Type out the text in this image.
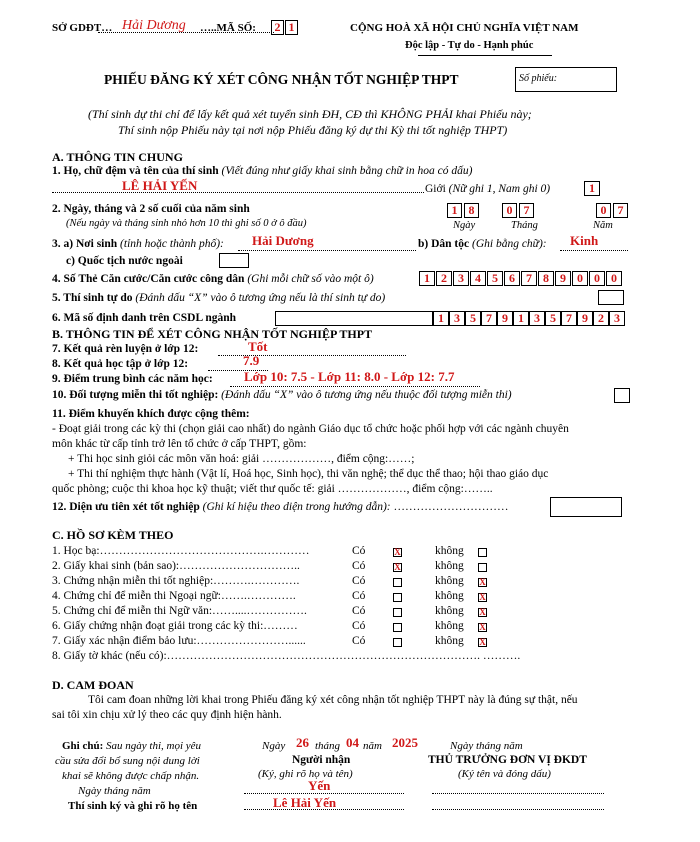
SỞ GDĐT… Hải Dương …..MÃ SỐ: 2 1	CỘNG HOÀ XÃ HỘI CHỦ NGHĨA VIỆT NAM
Độc lập - Tự do - Hạnh phúc
PHIẾU ĐĂNG KÝ XÉT CÔNG NHẬN TỐT NGHIỆP THPT	Số phiếu:
(Thí sinh dự thi chỉ để lấy kết quả xét tuyển sinh ĐH, CĐ thì KHÔNG PHẢI khai Phiếu này;
Thí sinh nộp Phiếu này tại nơi nộp Phiếu đăng ký dự thi Kỳ thi tốt nghiệp THPT)
A. THÔNG TIN CHUNG
1. Họ, chữ đệm và tên của thí sinh (Viết đúng như giấy khai sinh bằng chữ in hoa có dấu)
LÊ HẢI YẾN	Giới (Nữ ghi 1, Nam ghi 0)	1
2. Ngày, tháng và 2 số cuối của năm sinh
(Nếu ngày và tháng sinh nhỏ hơn 10 thì ghi số 0 ở ô đầu)
1 8	0 7	0 7
Ngày	Tháng	Năm
3. a) Nơi sinh (tỉnh hoặc thành phố): Hải Dương	b) Dân tộc (Ghi bằng chữ): Kinh
c) Quốc tịch nước ngoài
4. Số Thẻ Căn cước/Căn cước công dân (Ghi mỗi chữ số vào một ô)	1 2 3 4 5 6 7 8 9 0 0 0
5. Thí sinh tự do (Đánh dấu “X” vào ô tương ứng nếu là thí sinh tự do)
6. Mã số định danh trên CSDL ngành	1 3 5 7 9 1 3 5 7 9 2 3
B. THÔNG TIN ĐỂ XÉT CÔNG NHẬN TỐT NGHIỆP THPT
7. Kết quả rèn luyện ở lớp 12:	Tốt
8. Kết quả học tập ở lớp 12:	7.9
9. Điểm trung bình các năm học: Lớp 10: 7.5 - Lớp 11: 8.0 - Lớp 12: 7.7
10. Đối tượng miễn thi tốt nghiệp: (Đánh dấu “X” vào ô tương ứng nếu thuộc đối tượng miễn thi)
11. Điểm khuyến khích được cộng thêm:
- Đoạt giải trong các kỳ thi (chọn giải cao nhất) do ngành Giáo dục tổ chức hoặc phối hợp với các ngành chuyên
môn khác từ cấp tỉnh trở lên tổ chức ở cấp THPT, gồm:
+ Thi học sinh giỏi các môn văn hoá: giải ………………, điểm cộng:……;
+ Thi thí nghiệm thực hành (Vật lí, Hoá học, Sinh học), thi văn nghệ; thể dục thể thao; hội thao giáo dục
quốc phòng; cuộc thi khoa học kỹ thuật; viết thư quốc tế: giải ………………, điểm cộng:……..
12. Diện ưu tiên xét tốt nghiệp (Ghi kí hiệu theo diện trong hướng dẫn): …………………………
C. HỒ SƠ KÈM THEO
1. Học bạ:…………………………………….…………	Có	X	không
2. Giấy khai sinh (bản sao):…………………………..	Có	X	không
3. Chứng nhận miễn thi tốt nghiệp:……….………….	Có	không X
4. Chứng chỉ để miễn thi Ngoại ngữ:…….………….	Có	không X
5. Chứng chỉ để miễn thi Ngữ văn:……....…………….	Có	không X
6. Giấy chứng nhận đoạt giải trong các kỳ thi:………	Có	không X
7. Giấy xác nhận điểm bảo lưu:……………………......	Có	không X
8. Giấy tờ khác (nếu có):………………………………………………………………………. ……….
D. CAM ĐOAN
Tôi cam đoan những lời khai trong Phiếu đăng ký xét công nhận tốt nghiệp THPT này là đúng sự thật, nếu
sai tôi xin chịu xử lý theo các quy định hiện hành.
Ghi chú: Sau ngày thi, mọi yêu
cầu sửa đổi bổ sung nội dung lời
khai sẽ không được chấp nhận.
Ngày tháng năm
Thí sinh ký và ghi rõ họ tên
Ngày 26 tháng 04 năm 2025
Người nhận
(Ký, ghi rõ họ và tên)
Yến
Lê Hải Yến
Ngày tháng năm
THỦ TRƯỞNG ĐƠN VỊ ĐKDT
(Ký tên và đóng dấu)
